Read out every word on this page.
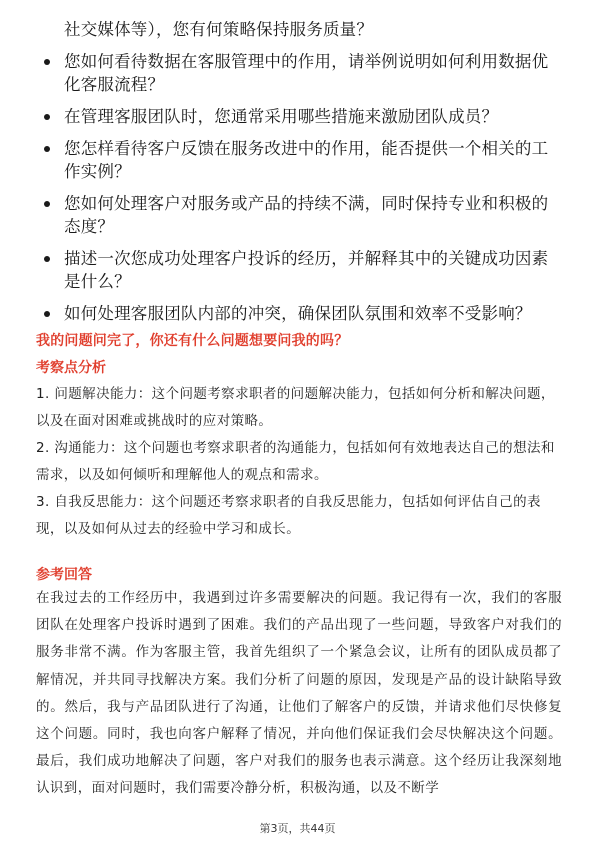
社交媒体等），您有何策略保持服务质量？
您如何看待数据在客服管理中的作用，请举例说明如何利用数据优化客服流程？
在管理客服团队时，您通常采用哪些措施来激励团队成员？
您怎样看待客户反馈在服务改进中的作用，能否提供一个相关的工作实例？
您如何处理客户对服务或产品的持续不满，同时保持专业和积极的态度？
描述一次您成功处理客户投诉的经历，并解释其中的关键成功因素是什么？
如何处理客服团队内部的冲突，确保团队氛围和效率不受影响？
我的问题问完了，你还有什么问题想要问我的吗？
考察点分析
1. 问题解决能力：这个问题考察求职者的问题解决能力，包括如何分析和解决问题，以及在面对困难或挑战时的应对策略。
2. 沟通能力：这个问题也考察求职者的沟通能力，包括如何有效地表达自己的想法和需求，以及如何倾听和理解他人的观点和需求。
3. 自我反思能力：这个问题还考察求职者的自我反思能力，包括如何评估自己的表现，以及如何从过去的经验中学习和成长。
参考回答

在我过去的工作经历中，我遇到过许多需要解决的问题。我记得有一次，我们的客服团队在处理客户投诉时遇到了困难。我们的产品出现了一些问题，导致客户对我们的服务非常不满。作为客服主管，我首先组织了一个紧急会议，让所有的团队成员都了解情况，并共同寻找解决方案。我们分析了问题的原因，发现是产品的设计缺陷导致的。然后，我与产品团队进行了沟通，让他们了解客户的反馈，并请求他们尽快修复这个问题。同时，我也向客户解释了情况，并向他们保证我们会尽快解决这个问题。最后，我们成功地解决了问题，客户对我们的服务也表示满意。这个经历让我深刻地认识到，面对问题时，我们需要冷静分析，积极沟通，以及不断学

第3页，共44页
